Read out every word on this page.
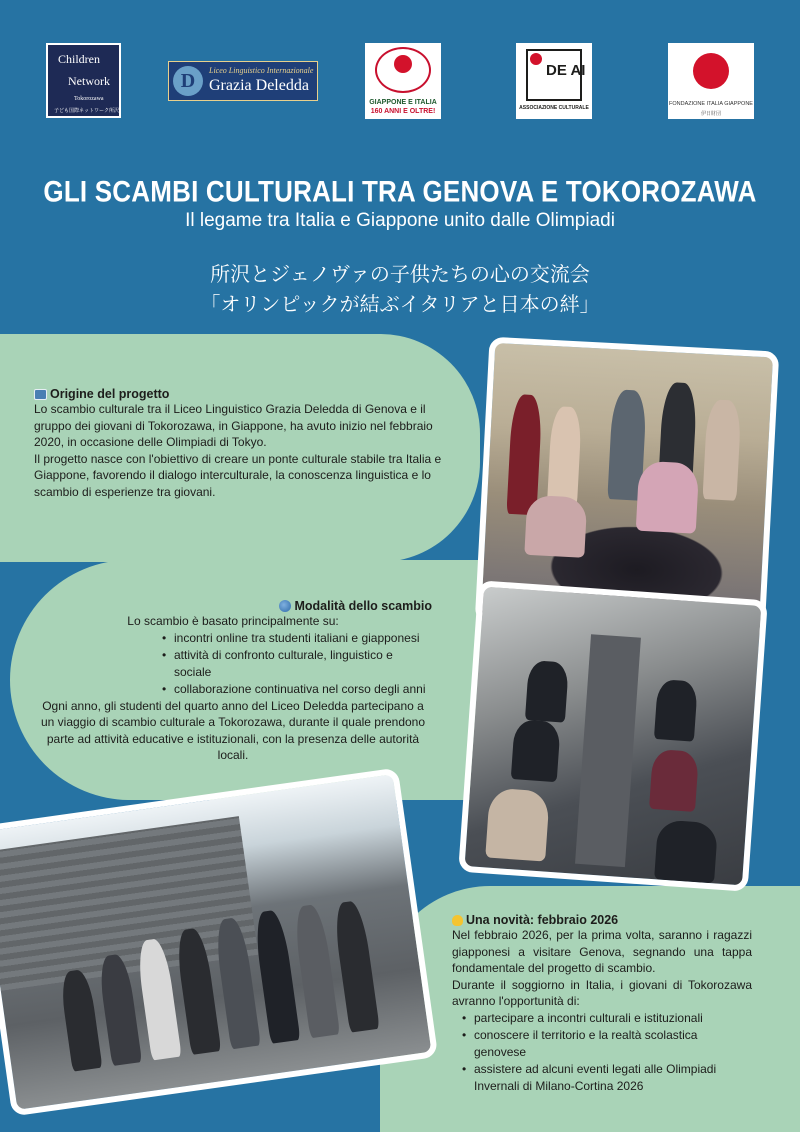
Children
Network
Tokorozawa
子ども国際ネットワーク所沢
D	Liceo Linguistico Internazionale
Grazia Deledda
GIAPPONE E ITALIA
160 ANNI E OLTRE!
DE AI
ASSOCIAZIONE CULTURALE
FONDAZIONE ITALIA GIAPPONE
伊日財団
GLI SCAMBI CULTURALI TRA GENOVA E TOKOROZAWA
Il legame tra Italia e Giappone unito dalle Olimpiadi
所沢とジェノヴァの子供たちの心の交流会
「オリンピックが結ぶイタリアと日本の絆」
Origine del progetto

Lo scambio culturale tra il Liceo Linguistico Grazia Deledda di Genova e il gruppo dei giovani di Tokorozawa, in Giappone, ha avuto inizio nel febbraio 2020, in occasione delle Olimpiadi di Tokyo.

Il progetto nasce con l'obiettivo di creare un ponte culturale stabile tra Italia e Giappone, favorendo il dialogo interculturale, la conoscenza linguistica e lo scambio di esperienze tra giovani.

Modalità dello scambio

Lo scambio è basato principalmente su:

• incontri online tra studenti italiani e giapponesi
• attività di confronto culturale, linguistico e sociale
• collaborazione continuativa nel corso degli anni

Ogni anno, gli studenti del quarto anno del Liceo Deledda partecipano a un viaggio di scambio culturale a Tokorozawa, durante il quale prendono parte ad attività educative e istituzionali, con la presenza delle autorità locali.

Una novità: febbraio 2026

Nel febbraio 2026, per la prima volta, saranno i ragazzi giapponesi a visitare Genova, segnando una tappa fondamentale del progetto di scambio.

Durante il soggiorno in Italia, i giovani di Tokorozawa avranno l'opportunità di:

• partecipare a incontri culturali e istituzionali
• conoscere il territorio e la realtà scolastica genovese
• assistere ad alcuni eventi legati alle Olimpiadi Invernali di Milano-Cortina 2026
